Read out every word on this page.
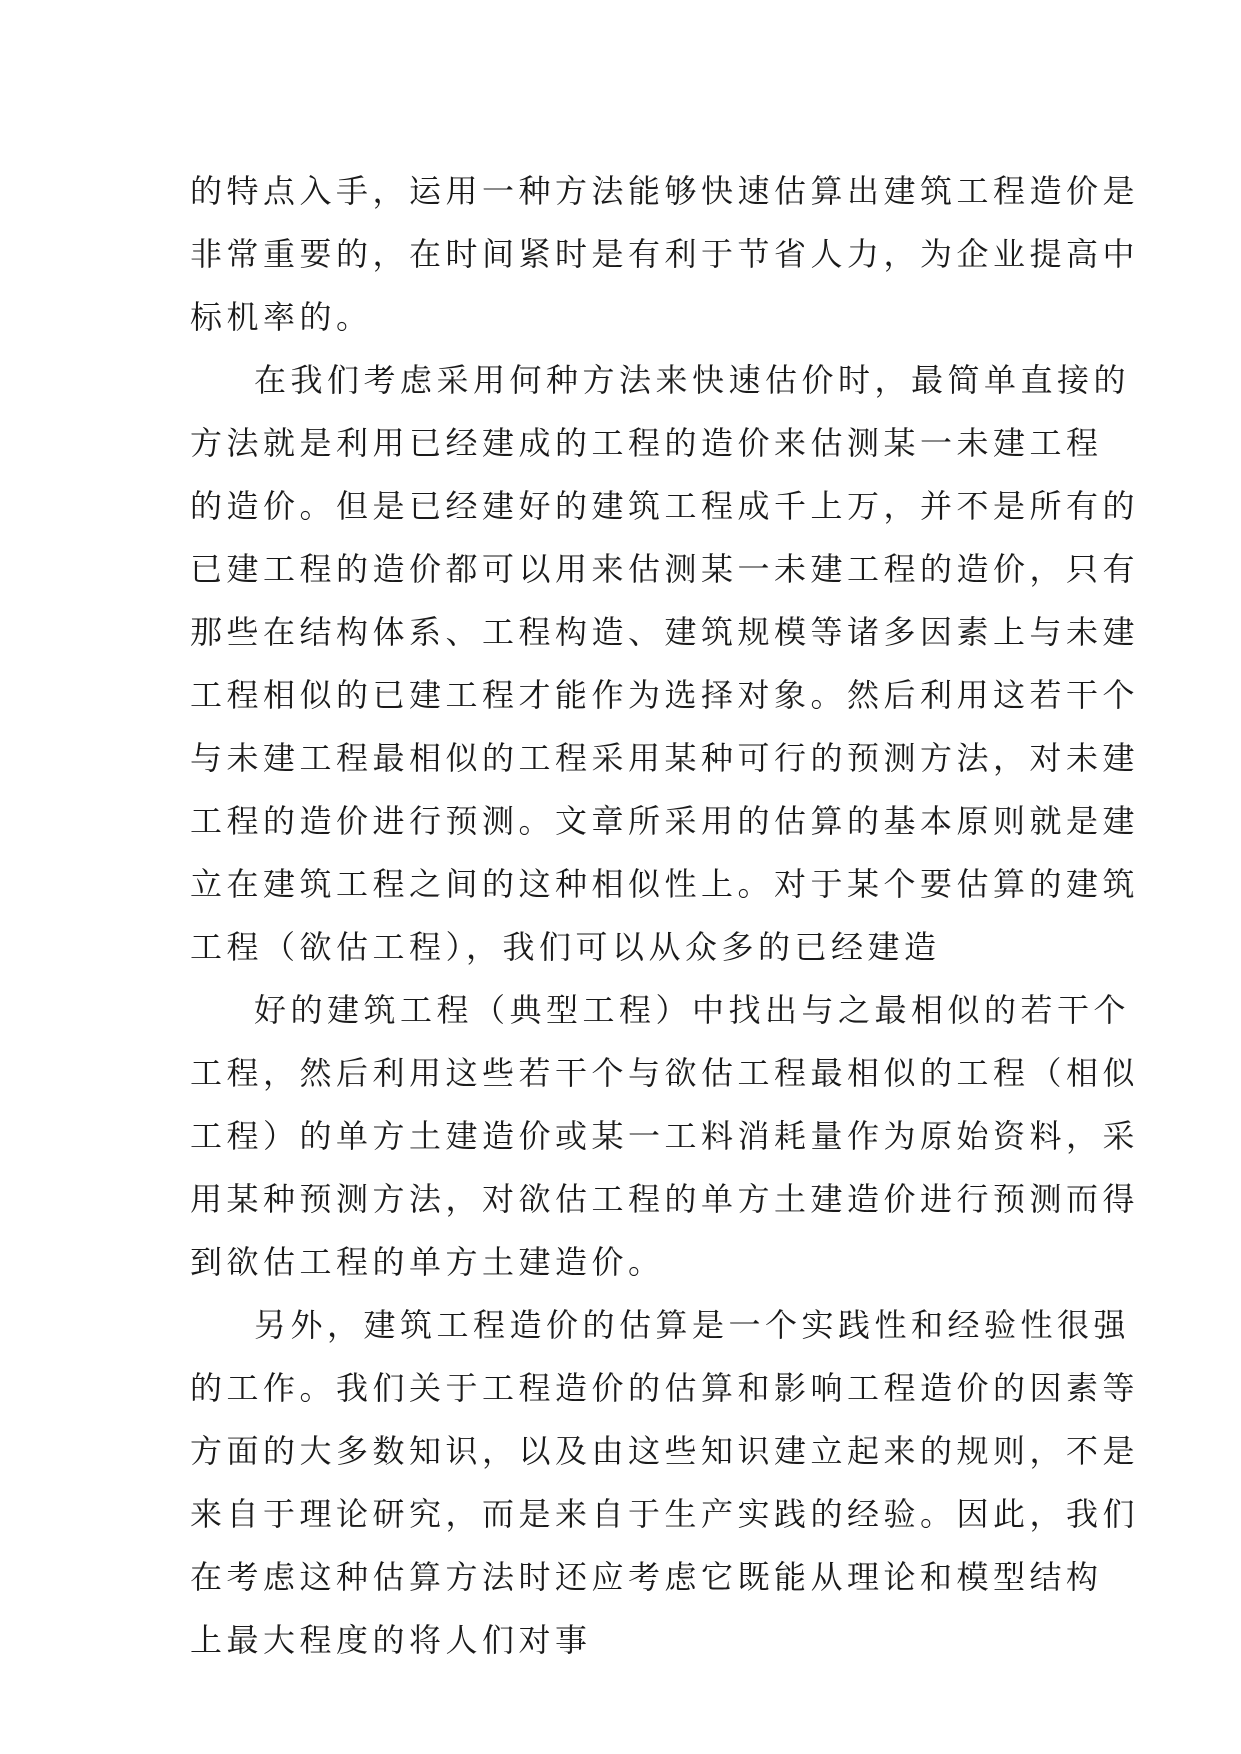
的特点入手，运用一种方法能够快速估算出建筑工程造价是
非常重要的，在时间紧时是有利于节省人力，为企业提高中
标机率的。
在我们考虑采用何种方法来快速估价时，最简单直接的
方法就是利用已经建成的工程的造价来估测某一未建工程
的造价。但是已经建好的建筑工程成千上万，并不是所有的
已建工程的造价都可以用来估测某一未建工程的造价，只有
那些在结构体系、工程构造、建筑规模等诸多因素上与未建
工程相似的已建工程才能作为选择对象。然后利用这若干个
与未建工程最相似的工程采用某种可行的预测方法，对未建
工程的造价进行预测。文章所采用的估算的基本原则就是建
立在建筑工程之间的这种相似性上。对于某个要估算的建筑
工程（欲估工程），我们可以从众多的已经建造
好的建筑工程（典型工程）中找出与之最相似的若干个
工程，然后利用这些若干个与欲估工程最相似的工程（相似
工程）的单方土建造价或某一工料消耗量作为原始资料，采
用某种预测方法，对欲估工程的单方土建造价进行预测而得
到欲估工程的单方土建造价。
另外，建筑工程造价的估算是一个实践性和经验性很强
的工作。我们关于工程造价的估算和影响工程造价的因素等
方面的大多数知识，以及由这些知识建立起来的规则，不是
来自于理论研究，而是来自于生产实践的经验。因此，我们
在考虑这种估算方法时还应考虑它既能从理论和模型结构
上最大程度的将人们对事
